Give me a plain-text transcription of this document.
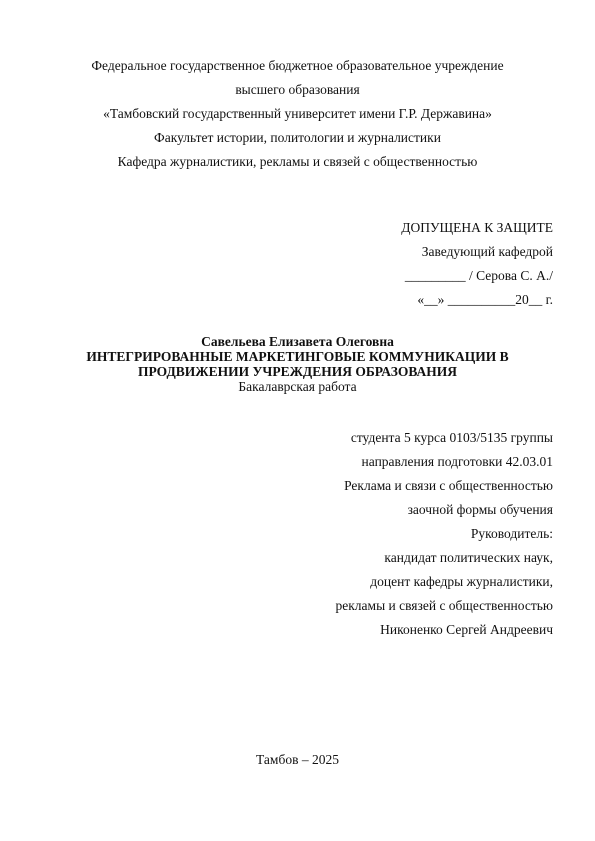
Федеральное государственное бюджетное образовательное учреждение
высшего образования
«Тамбовский государственный университет имени Г.Р. Державина»
Факультет истории, политологии и журналистики
Кафедра журналистики, рекламы и связей с общественностью
ДОПУЩЕНА К ЗАЩИТЕ
Заведующий кафедрой
_________ / Серова С. А./
«__» __________20__ г.
Савельева Елизавета Олеговна
ИНТЕГРИРОВАННЫЕ МАРКЕТИНГОВЫЕ КОММУНИКАЦИИ В
ПРОДВИЖЕНИИ УЧРЕЖДЕНИЯ ОБРАЗОВАНИЯ
Бакалаврская работа
студента 5 курса 0103/5135 группы
направления подготовки 42.03.01
Реклама и связи с общественностью
заочной формы обучения
Руководитель:
кандидат политических наук,
доцент кафедры журналистики,
рекламы и связей с общественностью
Никоненко Сергей Андреевич
Тамбов – 2025
